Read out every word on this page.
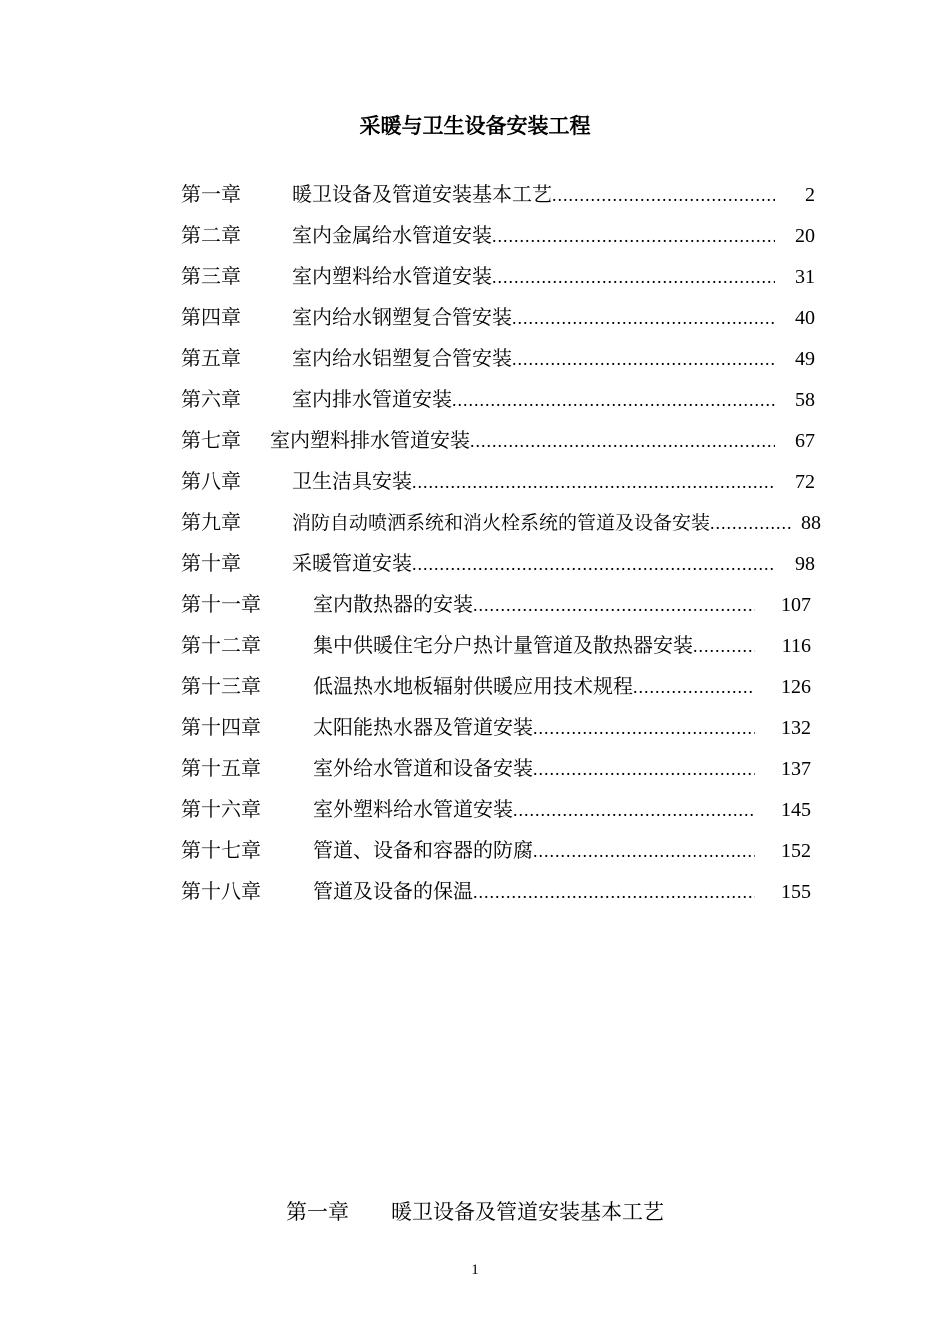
采暖与卫生设备安装工程
第一章	暖卫设备及管道安装基本工艺 .....	2
第二章	室内金属给水管道安装 .....	20
第三章	室内塑料给水管道安装 .....	31
第四章	室内给水钢塑复合管安装 .....	40
第五章	室内给水铝塑复合管安装 .....	49
第六章	室内排水管道安装 .....	58
第七章	室内塑料排水管道安装 .....	67
第八章	卫生洁具安装 .....	72
第九章	消防自动喷洒系统和消火栓系统的管道及设备安装 .....	88
第十章	采暖管道安装 .....	98
第十一章	室内散热器的安装 .....	107
第十二章	集中供暖住宅分户热计量管道及散热器安装 .....	116
第十三章	低温热水地板辐射供暖应用技术规程 .....	126
第十四章	太阳能热水器及管道安装 .....	132
第十五章	室外给水管道和设备安装 .....	137
第十六章	室外塑料给水管道安装 .....	145
第十七章	管道、设备和容器的防腐 .....	152
第十八章	管道及设备的保温 .....	155
第一章　　暖卫设备及管道安装基本工艺
1
